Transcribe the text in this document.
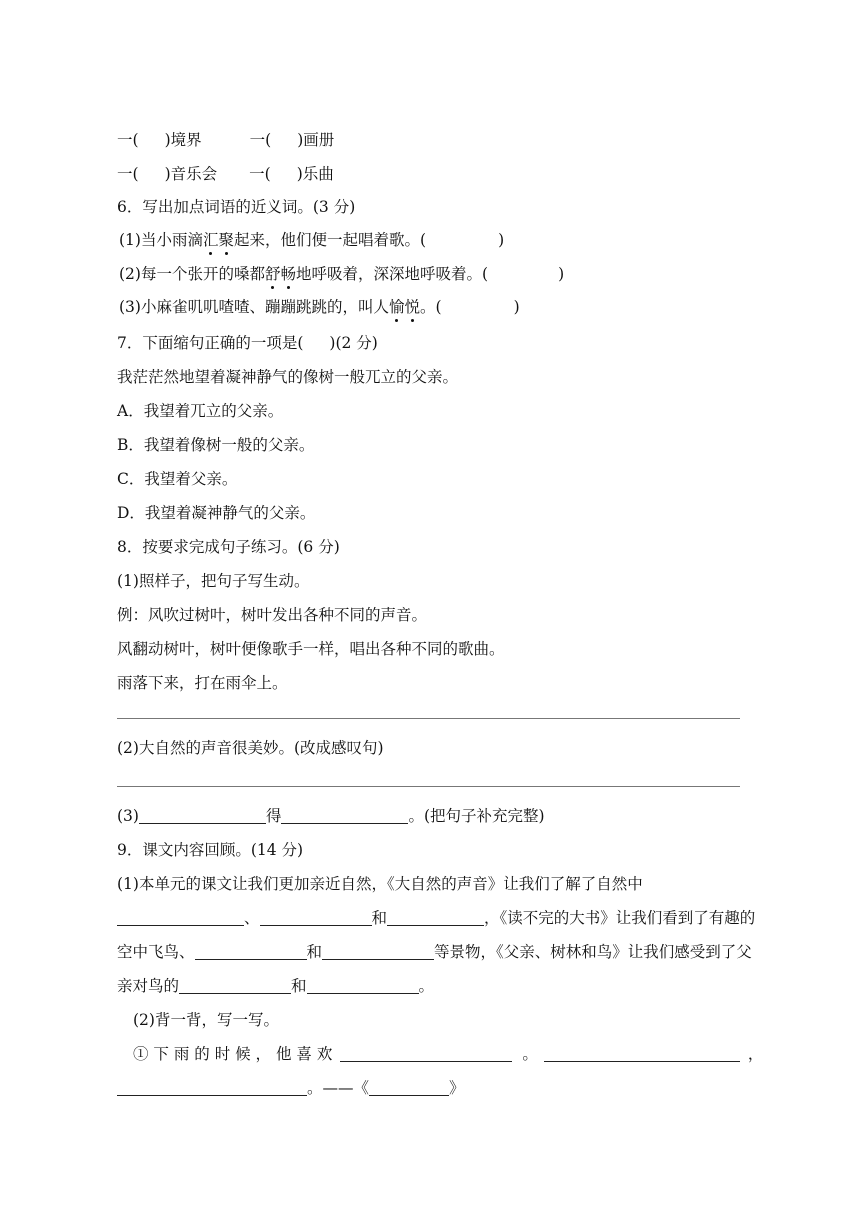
一( )境界	一( )画册
一( )音乐会 一( )乐曲
6．写出加点词语的近义词。(3 分)
(1)当小雨滴汇聚起来，他们便一起唱着歌。(	)
(2)每一个张开的嗓都舒畅地呼吸着，深深地呼吸着。(	)
(3)小麻雀叽叽喳喳、蹦蹦跳跳的，叫人愉悦。(	)
7．下面缩句正确的一项是( )(2 分)
我茫茫然地望着凝神静气的像树一般兀立的父亲。
A．我望着兀立的父亲。
B．我望着像树一般的父亲。
C．我望着父亲。
D．我望着凝神静气的父亲。
8．按要求完成句子练习。(6 分)
(1)照样子，把句子写生动。
例：风吹过树叶，树叶发出各种不同的声音。
风翻动树叶，树叶便像歌手一样，唱出各种不同的歌曲。
雨落下来，打在雨伞上。
(2)大自然的声音很美妙。(改成感叹句)
(3)	得	。(把句子补充完整)
9．课文内容回顾。(14 分)
(1)本单元的课文让我们更加亲近自然，《大自然的声音》让我们了解了自然中
、	和	，《读不完的大书》让我们看到了有趣的
空中飞鸟、	和	等景物，《父亲、树林和鸟》让我们感受到了父
亲对鸟的	和	。
(2)背一背，写一写。
① 下 雨 的 时 候 ， 他 喜 欢	。	，
。——《	》
